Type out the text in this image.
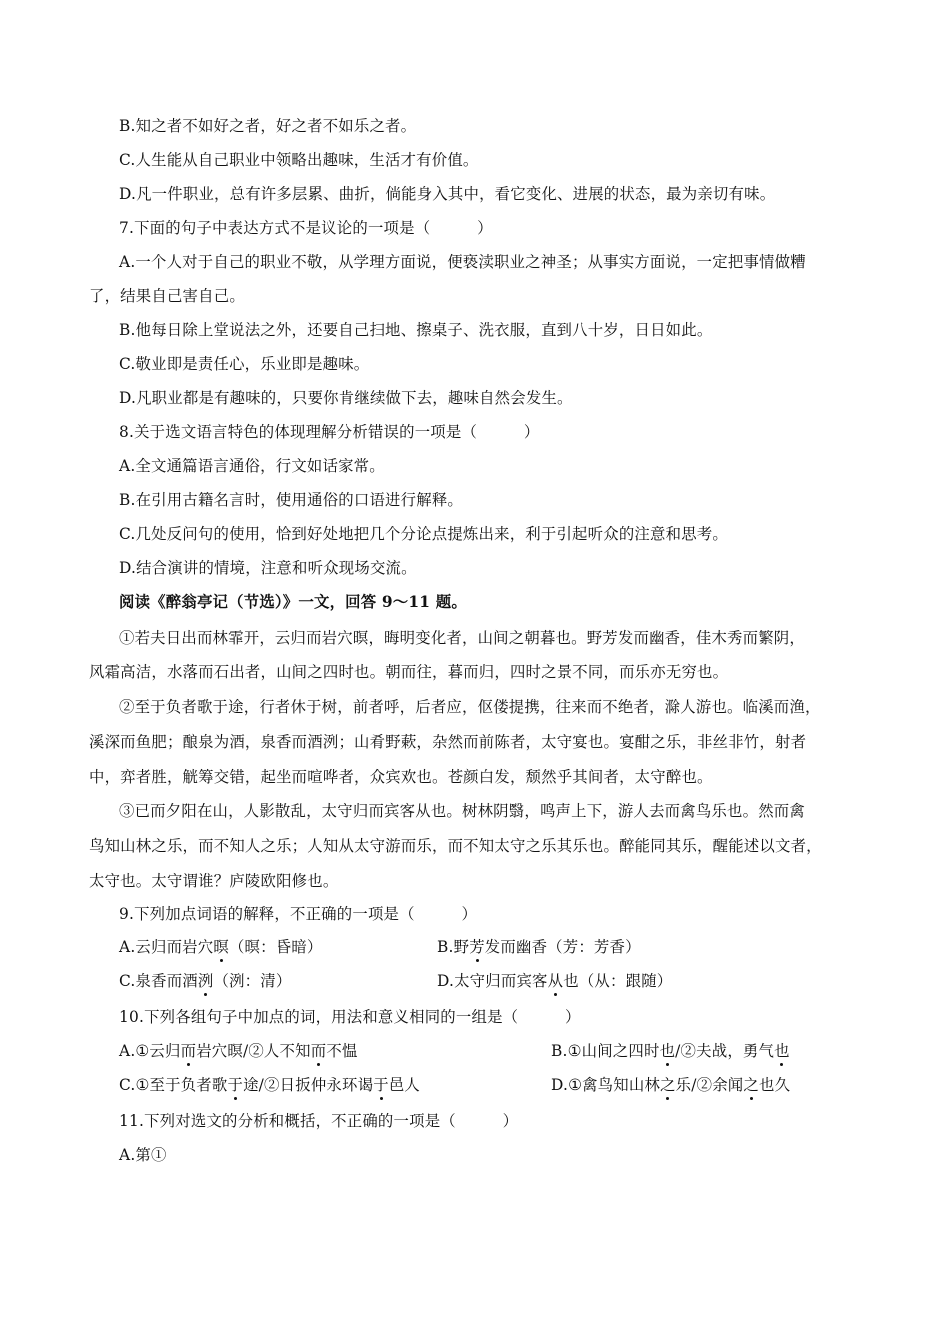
B.知之者不如好之者，好之者不如乐之者。
C.人生能从自己职业中领略出趣味，生活才有价值。
D.凡一件职业，总有许多层累、曲折，倘能身入其中，看它变化、进展的状态，最为亲切有味。
7.下面的句子中表达方式不是议论的一项是（　　　）
A.一个人对于自己的职业不敬，从学理方面说，便亵渎职业之神圣；从事实方面说，一定把事情做糟
了，结果自己害自己。
B.他每日除上堂说法之外，还要自己扫地、擦桌子、洗衣服，直到八十岁，日日如此。
C.敬业即是责任心，乐业即是趣味。
D.凡职业都是有趣味的，只要你肯继续做下去，趣味自然会发生。
8.关于选文语言特色的体现理解分析错误的一项是（　　　）
A.全文通篇语言通俗，行文如话家常。
B.在引用古籍名言时，使用通俗的口语进行解释。
C.几处反问句的使用，恰到好处地把几个分论点提炼出来，利于引起听众的注意和思考。
D.结合演讲的情境，注意和听众现场交流。
阅读《醉翁亭记（节选）》一文，回答 9～11 题。
①若夫日出而林霏开，云归而岩穴暝，晦明变化者，山间之朝暮也。野芳发而幽香，佳木秀而繁阴，
风霜高洁，水落而石出者，山间之四时也。朝而往，暮而归，四时之景不同，而乐亦无穷也。
②至于负者歌于途，行者休于树，前者呼，后者应，伛偻提携，往来而不绝者，滁人游也。临溪而渔，
溪深而鱼肥；酿泉为酒，泉香而酒洌；山肴野蔌，杂然而前陈者，太守宴也。宴酣之乐，非丝非竹，射者
中，弈者胜，觥筹交错，起坐而喧哗者，众宾欢也。苍颜白发，颓然乎其间者，太守醉也。
③已而夕阳在山，人影散乱，太守归而宾客从也。树林阴翳，鸣声上下，游人去而禽鸟乐也。然而禽
鸟知山林之乐，而不知人之乐；人知从太守游而乐，而不知太守之乐其乐也。醉能同其乐，醒能述以文者，
太守也。太守谓谁？庐陵欧阳修也。
9.下列加点词语的解释，不正确的一项是（　　　）
A.云归而岩穴暝（暝：昏暗）	B.野芳发而幽香（芳：芳香）
C.泉香而酒洌（洌：清）	D.太守归而宾客从也（从：跟随）
10.下列各组句子中加点的词，用法和意义相同的一组是（　　　）
A.①云归而岩穴暝/②人不知而不愠	B.①山间之四时也/②夫战，勇气也
C.①至于负者歌于途/②日扳仲永环谒于邑人	D.①禽鸟知山林之乐/②余闻之也久
11.下列对选文的分析和概括，不正确的一项是（　　　）
A.第①
